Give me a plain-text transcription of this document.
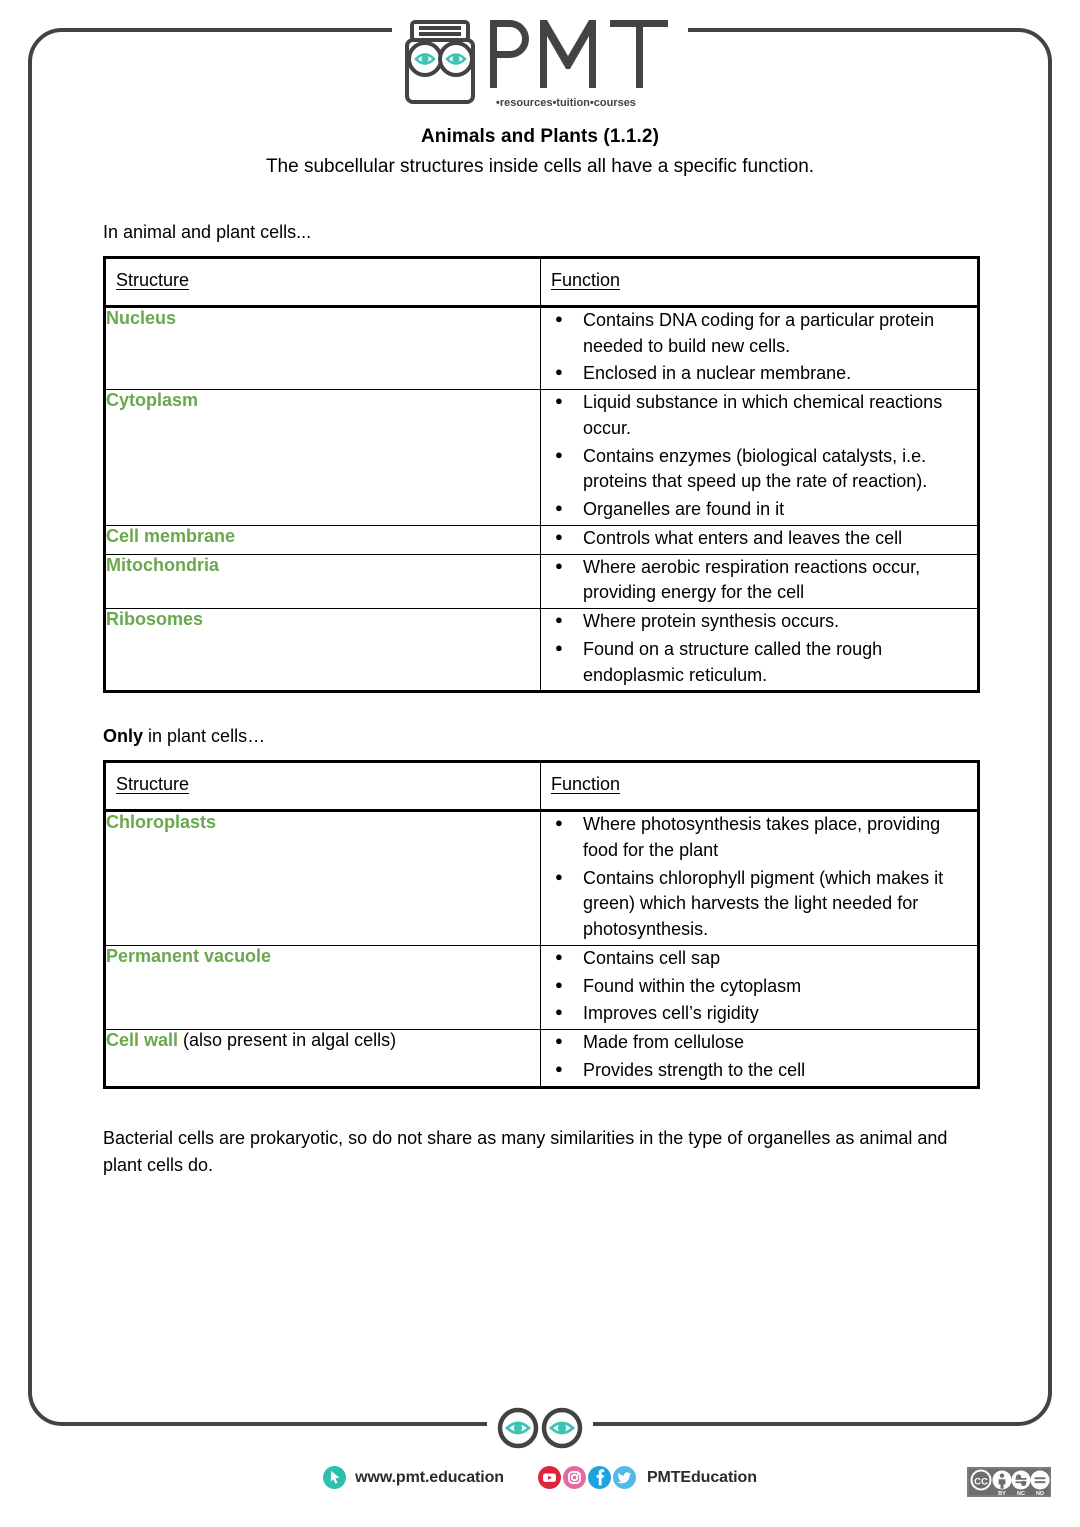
•resources•tuition•courses
Animals and Plants (1.1.2)

The subcellular structures inside cells all have a specific function.

In animal and plant cells...

Structure	Function
Nucleus	
●Contains DNA coding for a particular protein needed to build new cells.
● Enclosed in a nuclear membrane.

Cytoplasm	
●Liquid substance in which chemical reactions occur.
● Contains enzymes (biological catalysts, i.e. proteins that speed up the rate of reaction).
● Organelles are found in it

Cell membrane	
●Controls what enters and leaves the cell

Mitochondria	
●Where aerobic respiration reactions occur, providing energy for the cell

Ribosomes	
●Where protein synthesis occurs.
● Found on a structure called the rough endoplasmic reticulum.

Only in plant cells…

Structure	Function
Chloroplasts	
●Where photosynthesis takes place, providing food for the plant
● Contains chlorophyll pigment (which makes it green) which harvests the light needed for photosynthesis.

Permanent vacuole	
●Contains cell sap
● Found within the cytoplasm
● Improves cell’s rigidity

Cell wall (also present in algal cells)	
●Made from cellulose
● Provides strength to the cell

Bacterial cells are prokaryotic, so do not share as many similarities in the type of organelles as animal and plant cells do.

www.pmt.education	PMTEducation	CC
BY NC ND
